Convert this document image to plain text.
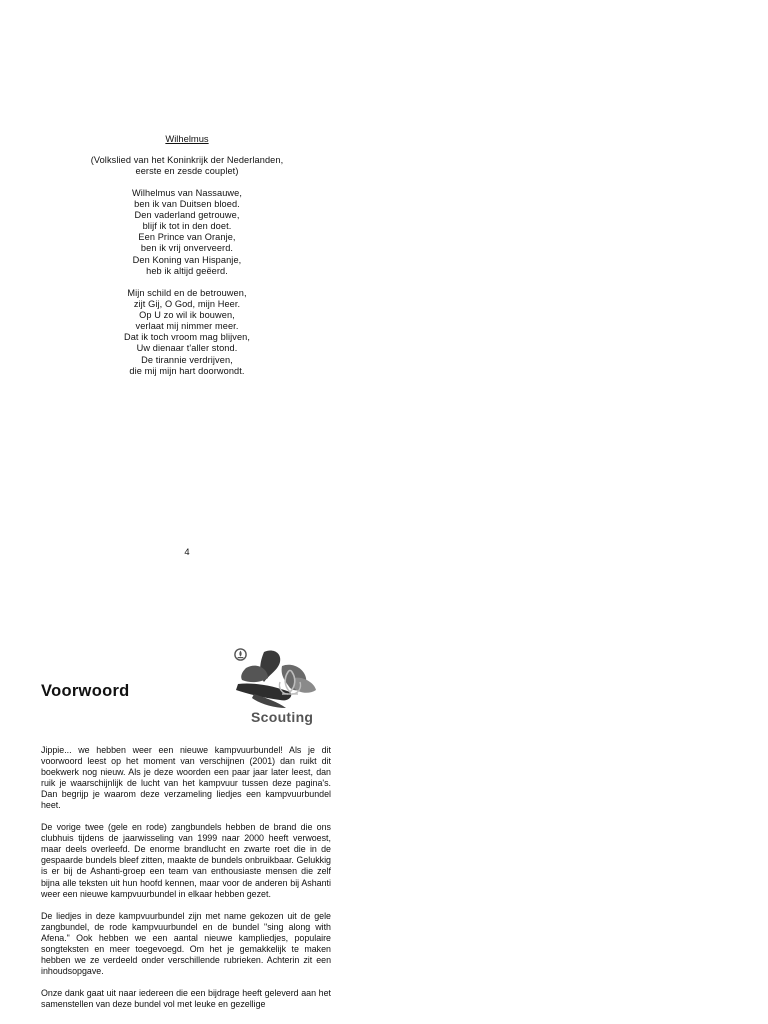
Wilhelmus
(Volkslied van het Koninkrijk der Nederlanden,
eerste en zesde couplet)
Wilhelmus van Nassauwe,
ben ik van Duitsen bloed.
Den vaderland getrouwe,
blijf ik tot in den doet.
Een Prince van Oranje,
ben ik vrij onverveerd.
Den Koning van Hispanje,
heb ik altijd geëerd.
Mijn schild en de betrouwen,
zijt Gij, O God, mijn Heer.
Op U zo wil ik bouwen,
verlaat mij nimmer meer.
Dat ik toch vroom mag blijven,
Uw dienaar t'aller stond.
De tirannie verdrijven,
die mij mijn hart doorwondt.
4
Voorwoord
Scouting

Jippie... we hebben weer een nieuwe kampvuurbundel! Als je dit voorwoord leest op het moment van verschijnen (2001) dan ruikt dit boekwerk nog nieuw. Als je deze woorden een paar jaar later leest, dan ruik je waarschijnlijk de lucht van het kampvuur tussen deze pagina's. Dan begrijp je waarom deze verzameling liedjes een kampvuurbundel heet.

De vorige twee (gele en rode) zangbundels hebben de brand die ons clubhuis tijdens de jaarwisseling van 1999 naar 2000 heeft verwoest, maar deels overleefd. De enorme brandlucht en zwarte roet die in de gespaarde bundels bleef zitten, maakte de bundels onbruikbaar. Gelukkig is er bij de Ashanti-groep een team van enthousiaste mensen die zelf bijna alle teksten uit hun hoofd kennen, maar voor de anderen bij Ashanti weer een nieuwe kampvuurbundel in elkaar hebben gezet.

De liedjes in deze kampvuurbundel zijn met name gekozen uit de gele zangbundel, de rode kampvuurbundel en de bundel "sing along with Afena." Ook hebben we een aantal nieuwe kampliedjes, populaire songteksten en meer toegevoegd. Om het je gemakkelijk te maken hebben we ze verdeeld onder verschillende rubrieken. Achterin zit een inhoudsopgave.

Onze dank gaat uit naar iedereen die een bijdrage heeft geleverd aan het samenstellen van deze bundel vol met leuke en gezellige
